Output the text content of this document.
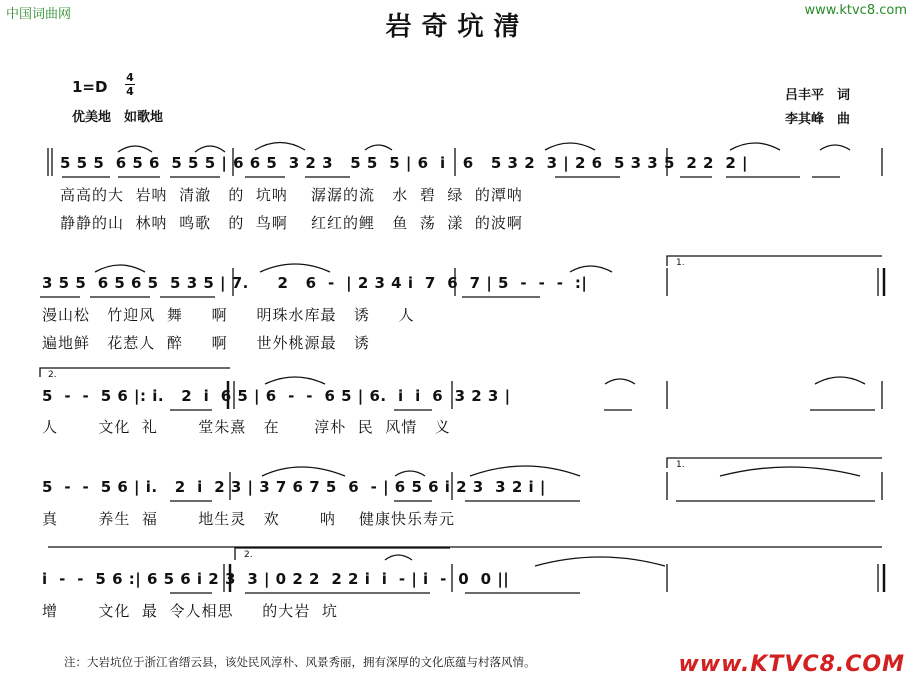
中国词曲网	www.ktvc8.com
岩奇坑清
1=D
4
4
优美地　如歌地
吕丰平　词
李其峰　曲
1.
2.
1.
2.
5 5 5  6 5 6  5 5 5 | 6 6 5  3 2 3   5 5  5 | 6  i   6   5 3 2  3 | 2 6  5 3 3 5  2 2  2 |
高高的大  岩呐  清澈   的  坑呐    潺潺的流   水  碧  绿  的潭呐
静静的山  林呐  鸣歌   的  鸟啊    红红的鲤   鱼  荡  漾  的波啊
3 5 5  6 5 6 5  5 3 5 | 7.     2   6  -  | 2 3 4 i  7  6  7 | 5  -  -  -  :|
漫山松   竹迎风  舞     啊     明珠水库最   诱     人
遍地鲜   花惹人  醉     啊     世外桃源最   诱
5  -  -  5 6 |: i.   2  i  6 5 | 6  -  -  6 5 | 6.  i  i  6  3 2 3 |
人       文化  礼       堂朱熹   在      淳朴  民  风情   义
5  -  -  5 6 | i.   2  i  2 3 | 3 7 6 7 5  6  - | 6 5 6 i 2 3  3 2 i |
真       养生  福       地生灵   欢       呐    健康快乐寿元
i  -  -  5 6 :| 6 5 6 i 2 3  3 | 0 2 2  2 2 i  i  - | i  -  0  0 ||
增       文化  最  令人相思     的大岩  坑
注：大岩坑位于浙江省缙云县，该处民风淳朴、风景秀丽，拥有深厚的文化底蕴与村落风情。	www.KTVC8.COM
